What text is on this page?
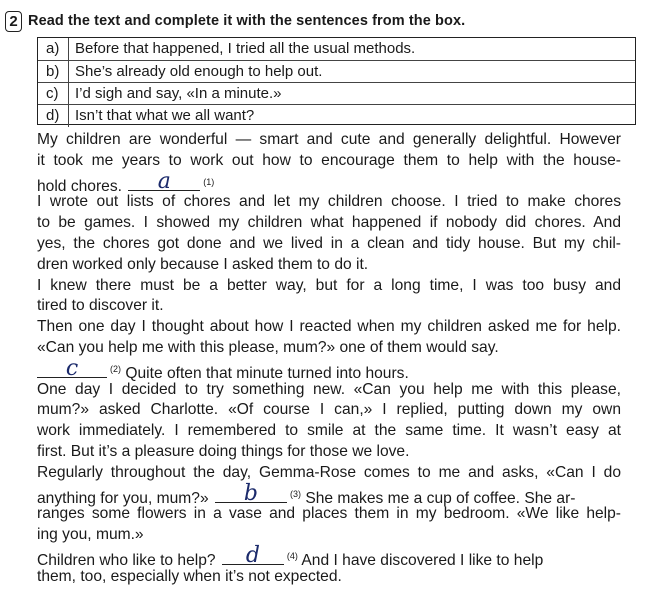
2 Read the text and complete it with the sentences from the box.
a) Before that happened, I tried all the usual methods.
b) She’s already old enough to help out.
c) I’d sigh and say, «In a minute.»
d) Isn’t that what we all want?
My children are wonderful — smart and cute and generally delightful. However
it took me years to work out how to encourage them to help with the house-
hold chores. a	$^{(1)}$
I wrote out lists of chores and let my children choose. I tried to make chores
to be games. I showed my children what happened if nobody did chores. And
yes, the chores got done and we lived in a clean and tidy house. But my chil-
dren worked only because I asked them to do it.
I knew there must be a better way, but for a long time, I was too busy and
tired to discover it.
Then one day I thought about how I reacted when my children asked me for help.
«Can you help me with this please, mum?» one of them would say.
c	$^{(2)}$ Quite often that minute turned into hours.
One day I decided to try something new. «Can you help me with this please,
mum?» asked Charlotte. «Of course I can,» I replied, putting down my own
work immediately. I remembered to smile at the same time. It wasn’t easy at
first. But it’s a pleasure doing things for those we love.
Regularly throughout the day, Gemma-Rose comes to me and asks, «Can I do
anything for you, mum?» b	$^{(3)}$ She makes me a cup of coffee. She ar-
ranges some flowers in a vase and places them in my bedroom. «We like help-
ing you, mum.»
Children who like to help? d	$^{(4)}$ And I have discovered I like to help
them, too, especially when it’s not expected.
